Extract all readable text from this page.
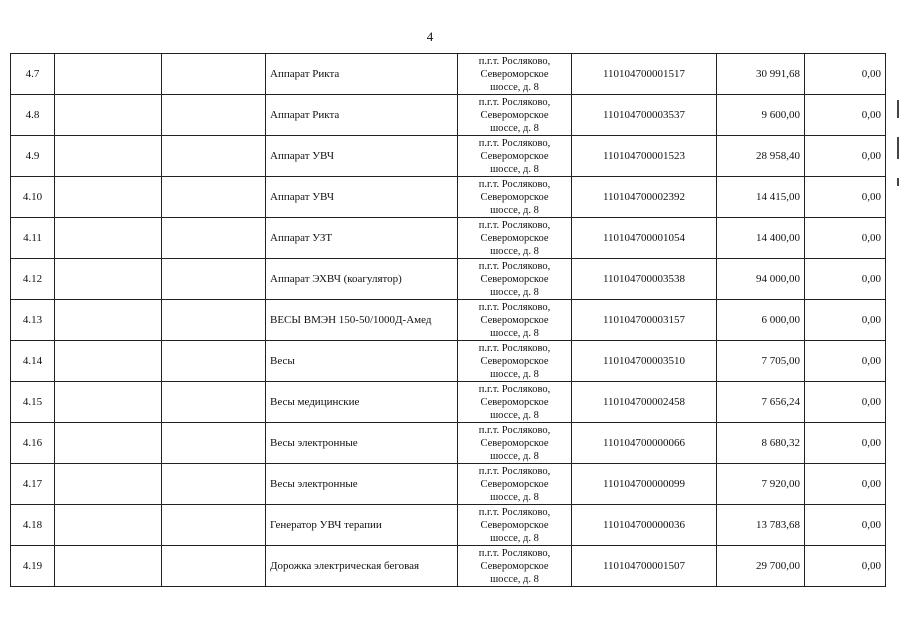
4
4.7			Аппарат Рикта	п.г.т. Росляково,
Североморское
шоссе, д. 8	110104700001517	30 991,68	0,00
4.8			Аппарат Рикта	п.г.т. Росляково,
Североморское
шоссе, д. 8	110104700003537	9 600,00	0,00
4.9			Аппарат УВЧ	п.г.т. Росляково,
Североморское
шоссе, д. 8	110104700001523	28 958,40	0,00
4.10			Аппарат УВЧ	п.г.т. Росляково,
Североморское
шоссе, д. 8	110104700002392	14 415,00	0,00
4.11			Аппарат УЗТ	п.г.т. Росляково,
Североморское
шоссе, д. 8	110104700001054	14 400,00	0,00
4.12			Аппарат ЭХВЧ (коагулятор)	п.г.т. Росляково,
Североморское
шоссе, д. 8	110104700003538	94 000,00	0,00
4.13			ВЕСЫ ВМЭН 150-50/1000Д-Амед	п.г.т. Росляково,
Североморское
шоссе, д. 8	110104700003157	6 000,00	0,00
4.14			Весы	п.г.т. Росляково,
Североморское
шоссе, д. 8	110104700003510	7 705,00	0,00
4.15			Весы медицинские	п.г.т. Росляково,
Североморское
шоссе, д. 8	110104700002458	7 656,24	0,00
4.16			Весы электронные	п.г.т. Росляково,
Североморское
шоссе, д. 8	110104700000066	8 680,32	0,00
4.17			Весы электронные	п.г.т. Росляково,
Североморское
шоссе, д. 8	110104700000099	7 920,00	0,00
4.18			Генератор УВЧ терапии	п.г.т. Росляково,
Североморское
шоссе, д. 8	110104700000036	13 783,68	0,00
4.19			Дорожка электрическая беговая	п.г.т. Росляково,
Североморское
шоссе, д. 8	110104700001507	29 700,00	0,00
